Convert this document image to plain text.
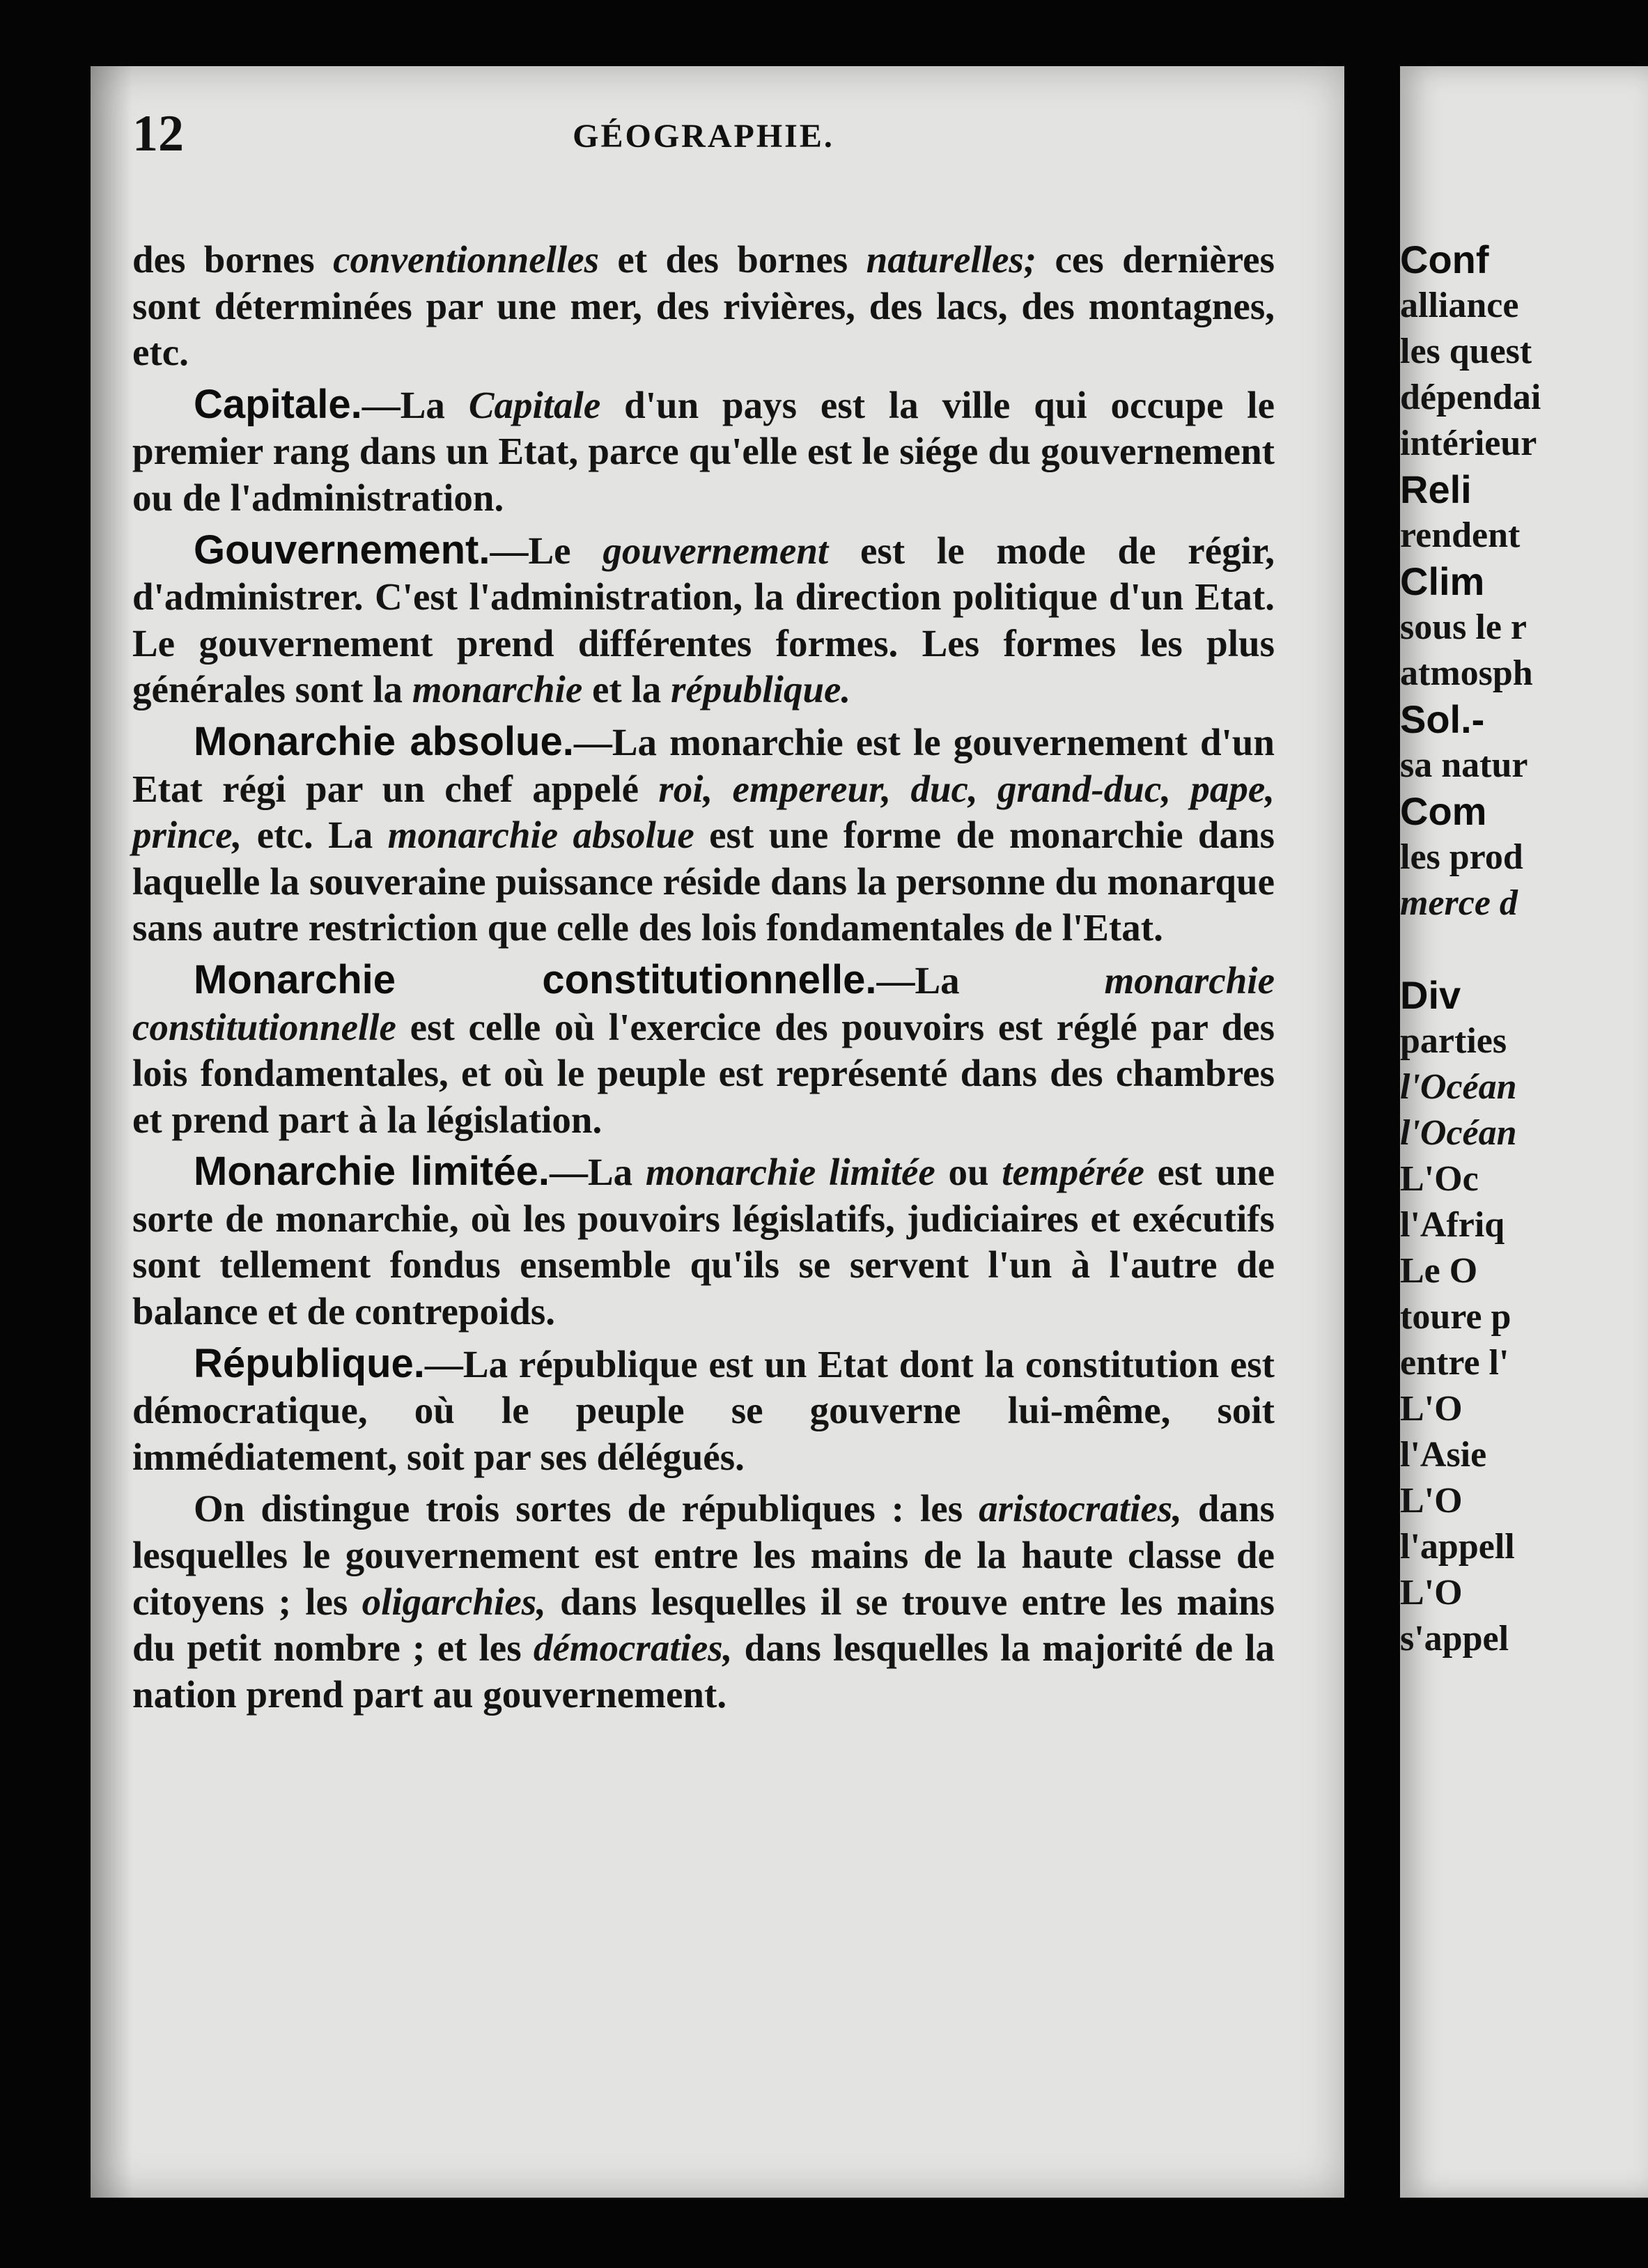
12	GÉOGRAPHIE.

des bornes conventionnelles et des bornes naturelles; ces dernières sont déterminées par une mer, des rivières, des lacs, des montagnes, etc.

Capitale.—La Capitale d'un pays est la ville qui occupe le premier rang dans un Etat, parce qu'elle est le siége du gouvernement ou de l'administration.

Gouvernement.—Le gouvernement est le mode de régir, d'administrer. C'est l'administration, la direction politique d'un Etat. Le gouvernement prend différentes formes. Les formes les plus générales sont la monarchie et la république.

Monarchie absolue.—La monarchie est le gouvernement d'un Etat régi par un chef appelé roi, empereur, duc, grand-duc, pape, prince, etc. La monarchie absolue est une forme de monarchie dans laquelle la souveraine puissance réside dans la personne du monarque sans autre restriction que celle des lois fondamentales de l'Etat.

Monarchie constitutionnelle.—La monarchie constitutionnelle est celle où l'exercice des pouvoirs est réglé par des lois fondamentales, et où le peuple est représenté dans des chambres et prend part à la législation.

Monarchie limitée.—La monarchie limitée ou tempérée est une sorte de monarchie, où les pouvoirs législatifs, judiciaires et exécutifs sont tellement fondus ensemble qu'ils se servent l'un à l'autre de balance et de contrepoids.

République.—La république est un Etat dont la constitution est démocratique, où le peuple se gouverne lui-même, soit immédiatement, soit par ses délégués.

On distingue trois sortes de républiques : les aristocraties, dans lesquelles le gouvernement est entre les mains de la haute classe de citoyens ; les oligarchies, dans lesquelles il se trouve entre les mains du petit nombre ; et les démocraties, dans lesquelles la majorité de la nation prend part au gouvernement.

Conf
alliance
les quest
dépendai
intérieur
Reli
rendent
Clim
sous le r
atmosph
Sol.-
sa natur
Com
les prod
merce d
Div
parties
l'Océan
l'Océan
L'Oc
l'Afriq
Le O
toure p
entre l'
L'O
l'Asie
L'O
l'appell
L'O
s'appel
